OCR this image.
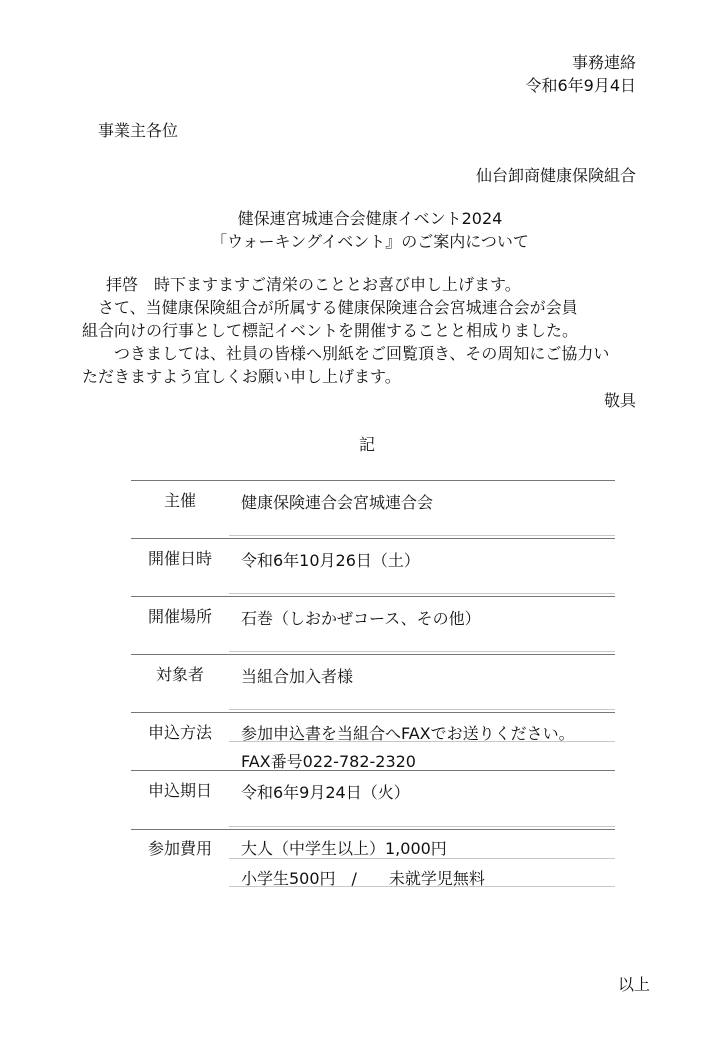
事務連絡
令和6年9月4日
事業主各位
仙台卸商健康保険組合
健保連宮城連合会健康イベント2024
「ウォーキングイベント』のご案内について
拝啓　時下ますますご清栄のこととお喜び申し上げます。
さて、当健康保険組合が所属する健康保険連合会宮城連合会が会員
組合向けの行事として標記イベントを開催することと相成りました。
つきましては、社員の皆様へ別紙をご回覧頂き、その周知にご協力い
ただきますよう宜しくお願い申し上げます。
敬具
記
主催	健康保険連合会宮城連合会
開催日時	令和6年10月26日（土）
開催場所	石巻（しおかぜコース、その他）
対象者	当組合加入者様
申込方法	参加申込書を当組合へFAXでお送りください。
FAX番号022-782-2320
申込期日	令和6年9月24日（火）
参加費用	大人（中学生以上）1,000円
小学生500円　/　　未就学児無料
以上
